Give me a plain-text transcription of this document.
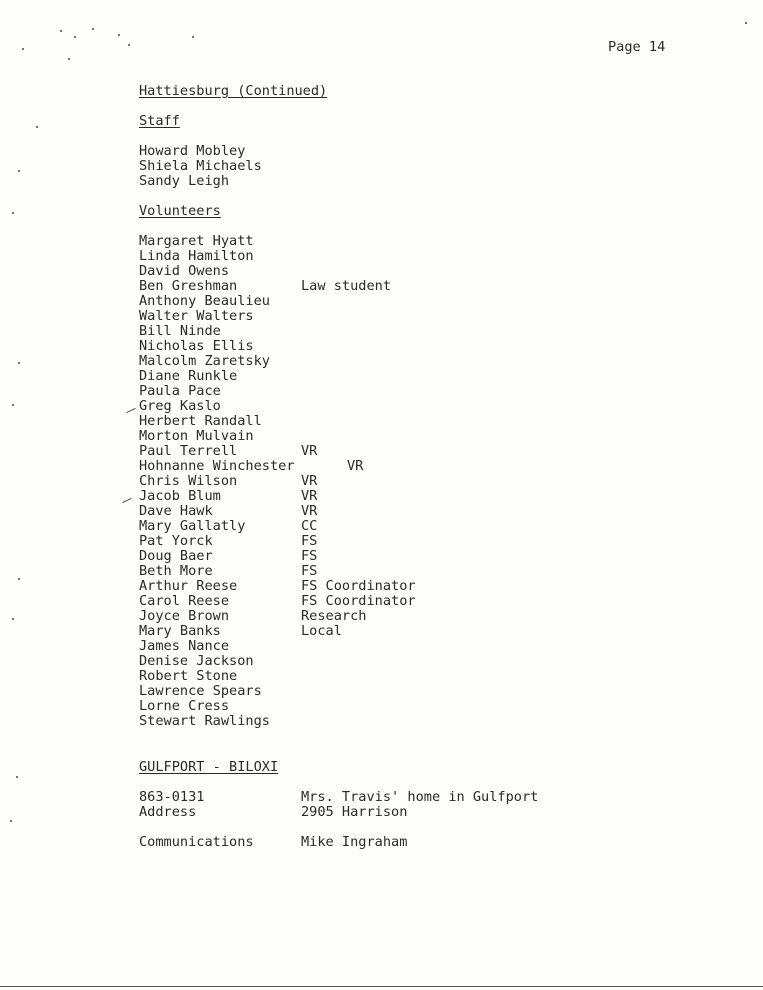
Page 14
Hattiesburg (Continued)
Staff
Howard Mobley
Shiela Michaels
Sandy Leigh
Volunteers
Margaret Hyatt
Linda Hamilton
David Owens
Ben Greshman	Law student
Anthony Beaulieu
Walter Walters
Bill Ninde
Nicholas Ellis
Malcolm Zaretsky
Diane Runkle
Paula Pace
Greg Kaslo
Herbert Randall
Morton Mulvain
Paul Terrell	VR
Hohnanne Winchester	VR
Chris Wilson	VR
Jacob Blum	VR
Dave Hawk	VR
Mary Gallatly	CC
Pat Yorck	FS
Doug Baer	FS
Beth More	FS
Arthur Reese	FS Coordinator
Carol Reese	FS Coordinator
Joyce Brown	Research
Mary Banks	Local
James Nance
Denise Jackson
Robert Stone
Lawrence Spears
Lorne Cress
Stewart Rawlings
GULFPORT - BILOXI
863-0131	Mrs. Travis' home in Gulfport
Address	2905 Harrison
Communications	Mike Ingraham
